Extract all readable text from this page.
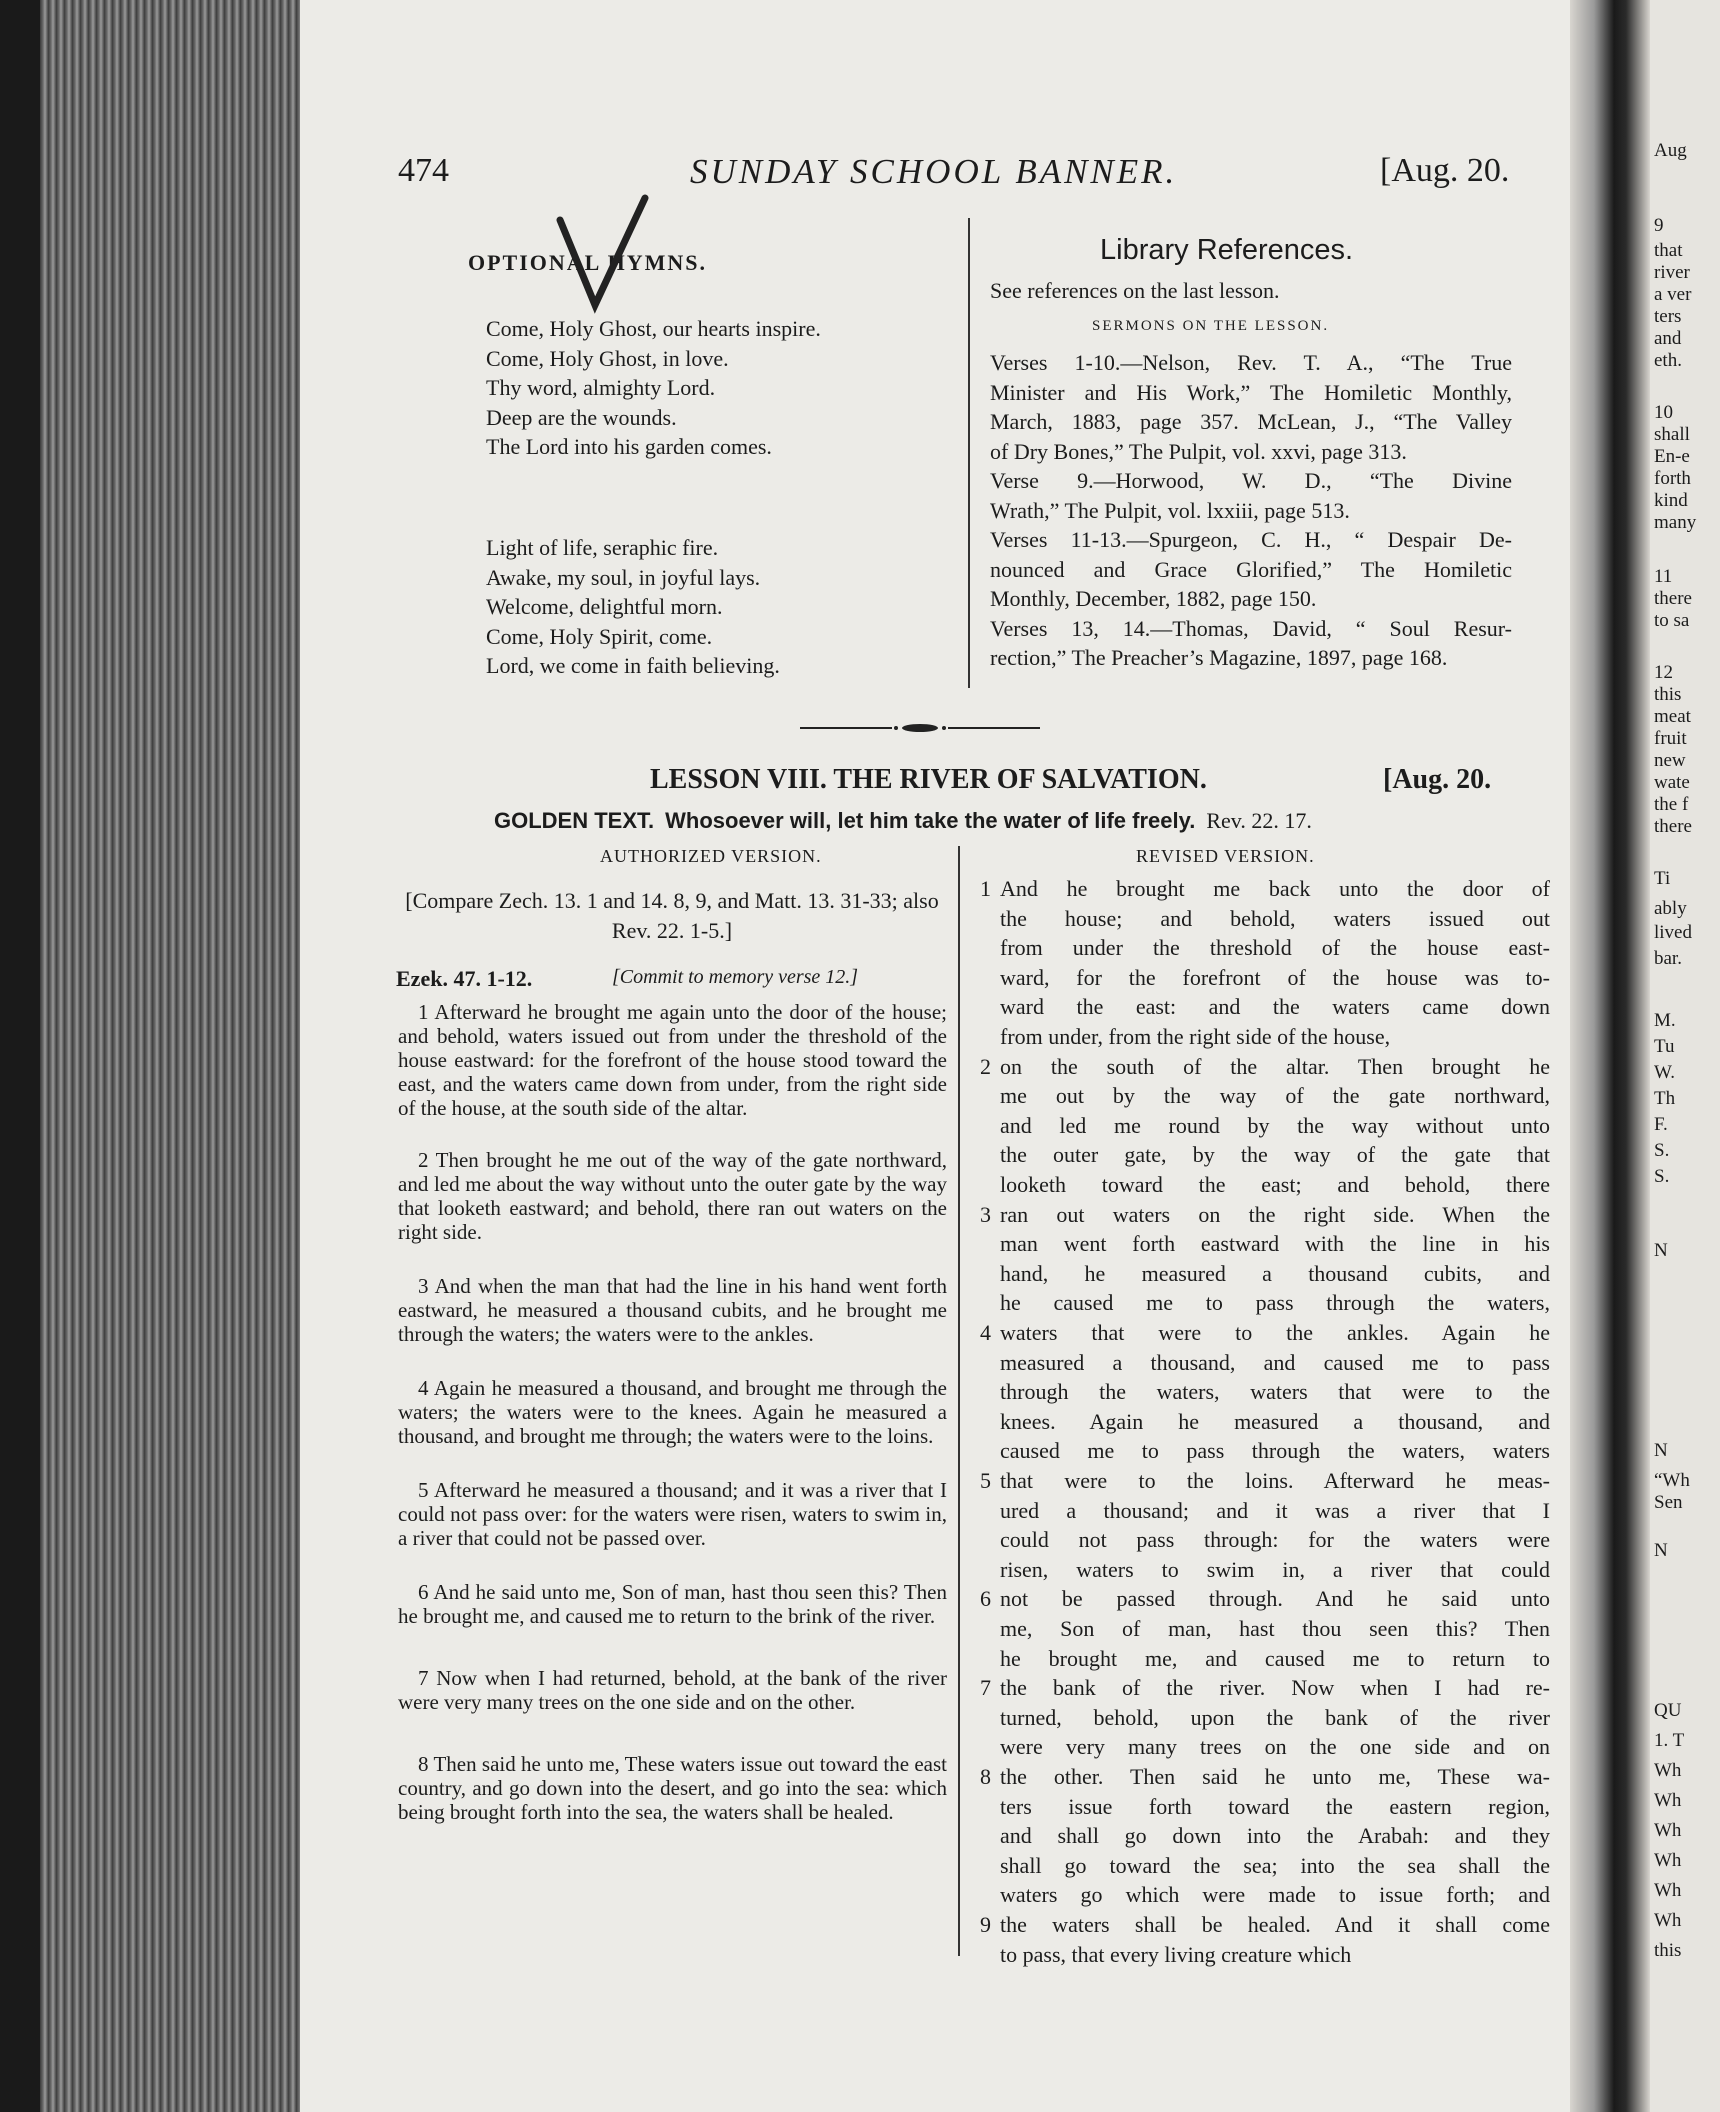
474	SUNDAY SCHOOL BANNER.	[Aug. 20.
OPTIONAL HYMNS.
Come, Holy Ghost, our hearts inspire.
Come, Holy Ghost, in love.
Thy word, almighty Lord.
Deep are the wounds.
The Lord into his garden comes.
Light of life, seraphic fire.
Awake, my soul, in joyful lays.
Welcome, delightful morn.
Come, Holy Spirit, come.
Lord, we come in faith believing.
Library References.
See references on the last lesson.
SERMONS ON THE LESSON.
Verses 1-10.—Nelson, Rev. T. A., “The True
Minister and His Work,” The Homiletic Monthly,
March, 1883, page 357. McLean, J., “The Valley
of Dry Bones,” The Pulpit, vol. xxvi, page 313.
Verse 9.—Horwood, W. D., “The Divine
Wrath,” The Pulpit, vol. lxxiii, page 513.
Verses 11-13.—Spurgeon, C. H., “ Despair De-
nounced and Grace Glorified,” The Homiletic
Monthly, December, 1882, page 150.
Verses 13, 14.—Thomas, David, “ Soul Resur-
rection,” The Preacher’s Magazine, 1897, page 168.
LESSON VIII. THE RIVER OF SALVATION.	[Aug. 20.
GOLDEN TEXT. Whosoever will, let him take the water of life freely. Rev. 22. 17.
AUTHORIZED VERSION.	REVISED VERSION.
[Compare Zech. 13. 1 and 14. 8, 9, and Matt. 13. 31-33; also Rev. 22. 1-5.]
Ezek. 47. 1-12.	[Commit to memory verse 12.]
1 Afterward he brought me again unto the door of the house; and behold, waters issued out from under the threshold of the house eastward: for the forefront of the house stood toward the east, and the waters came down from under, from the right side of the house, at the south side of the altar.
2 Then brought he me out of the way of the gate northward, and led me about the way without unto the outer gate by the way that looketh eastward; and behold, there ran out waters on the right side.
3 And when the man that had the line in his hand went forth eastward, he measured a thousand cubits, and he brought me through the waters; the waters were to the ankles.
4 Again he measured a thousand, and brought me through the waters; the waters were to the knees. Again he measured a thousand, and brought me through; the waters were to the loins.
5 Afterward he measured a thousand; and it was a river that I could not pass over: for the waters were risen, waters to swim in, a river that could not be passed over.
6 And he said unto me, Son of man, hast thou seen this? Then he brought me, and caused me to return to the brink of the river.
7 Now when I had returned, behold, at the bank of the river were very many trees on the one side and on the other.
8 Then said he unto me, These waters issue out toward the east country, and go down into the desert, and go into the sea: which being brought forth into the sea, the waters shall be healed.
And he brought me back unto the door of
the house; and behold, waters issued out
from under the threshold of the house east-
ward, for the forefront of the house was to-
ward the east: and the waters came down
from under, from the right side of the house,
on the south of the altar. Then brought he
me out by the way of the gate northward,
and led me round by the way without unto
the outer gate, by the way of the gate that
looketh toward the east; and behold, there
ran out waters on the right side. When the
man went forth eastward with the line in his
hand, he measured a thousand cubits, and
he caused me to pass through the waters,
waters that were to the ankles. Again he
measured a thousand, and caused me to pass
through the waters, waters that were to the
knees. Again he measured a thousand, and
caused me to pass through the waters, waters
that were to the loins. Afterward he meas-
ured a thousand; and it was a river that I
could not pass through: for the waters were
risen, waters to swim in, a river that could
not be passed through. And he said unto
me, Son of man, hast thou seen this? Then
he brought me, and caused me to return to
the bank of the river. Now when I had re-
turned, behold, upon the bank of the river
were very many trees on the one side and on
the other. Then said he unto me, These wa-
ters issue forth toward the eastern region,
and shall go down into the Arabah: and they
shall go toward the sea; into the sea shall the
waters go which were made to issue forth; and
the waters shall be healed. And it shall come
to pass, that every living creature which
1
2
3
4
5
6
7
8
9
Aug
9
that
river
a ver
ters
and
eth.
10
shall
En-e
forth
kind
many
11
there
to sa
12
this
meat
fruit
new
wate
the f
there
Ti
ably
lived
bar.
M.
Tu
W.
Th
F.
S.
S.
N
N
“Wh
Sen
N
QU
1. T
Wh
Wh
Wh
Wh
Wh
Wh
this
